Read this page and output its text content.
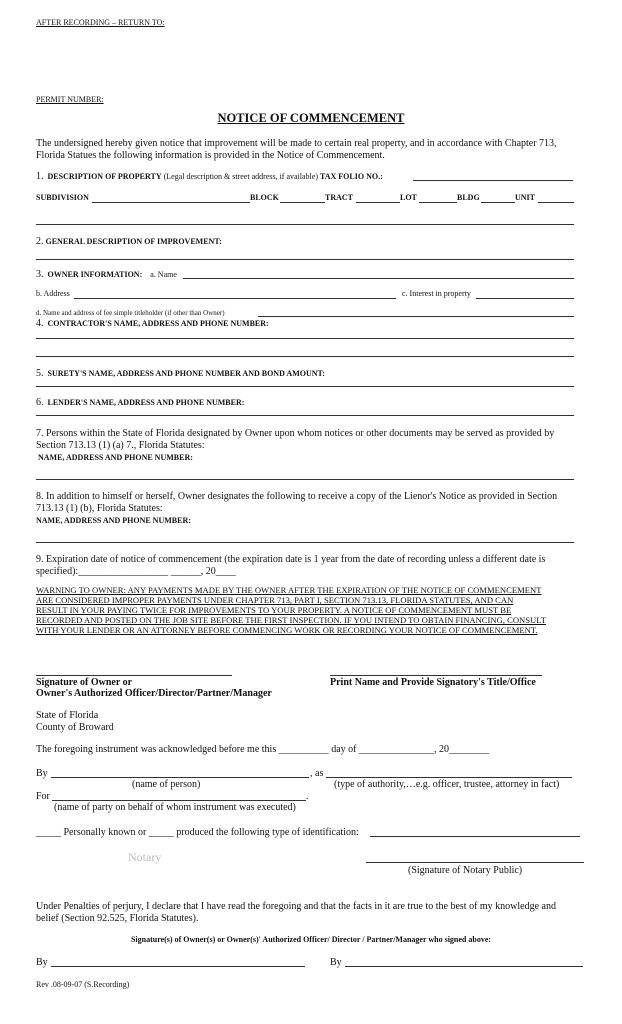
AFTER RECORDING – RETURN TO:
PERMIT NUMBER:
NOTICE OF COMMENCEMENT
The undersigned hereby given notice that improvement will be made to certain real property, and in accordance with Chapter 713,
Florida Statues the following information is provided in the Notice of Commencement.
1. DESCRIPTION OF PROPERTY (Legal description & street address, if available) TAX FOLIO NO.:
SUBDIVISION	BLOCK	TRACT	LOT	BLDG	UNIT
2. GENERAL DESCRIPTION OF IMPROVEMENT:
3. OWNER INFORMATION: a. Name
b. Address	c. Interest in property
d. Name and address of fee simple titleholder (if other than Owner)
4. CONTRACTOR'S NAME, ADDRESS AND PHONE NUMBER:
5. SURETY'S NAME, ADDRESS AND PHONE NUMBER AND BOND AMOUNT:
6. LENDER'S NAME, ADDRESS AND PHONE NUMBER:
7. Persons within the State of Florida designated by Owner upon whom notices or other documents may be served as provided by
Section 713.13 (1) (a) 7., Florida Statutes:
NAME, ADDRESS AND PHONE NUMBER:
8. In addition to himself or herself, Owner designates the following to receive a copy of the Lienor's Notice as provided in Section
713.13 (1) (b), Florida Statutes:
NAME, ADDRESS AND PHONE NUMBER:
9. Expiration date of notice of commencement (the expiration date is 1 year from the date of recording unless a different date is
specified):__________________ ______, 20____
WARNING TO OWNER: ANY PAYMENTS MADE BY THE OWNER AFTER THE EXPIRATION OF THE NOTICE OF COMMENCEMENT
ARE CONSIDERED IMPROPER PAYMENTS UNDER CHAPTER 713, PART I, SECTION 713.13, FLORIDA STATUTES, AND CAN
RESULT IN YOUR PAYING TWICE FOR IMPROVEMENTS TO YOUR PROPERTY. A NOTICE OF COMMENCEMENT MUST BE
RECORDED AND POSTED ON THE JOB SITE BEFORE THE FIRST INSPECTION. IF YOU INTEND TO OBTAIN FINANCING, CONSULT
WITH YOUR LENDER OR AN ATTORNEY BEFORE COMMENCING WORK OR RECORDING YOUR NOTICE OF COMMENCEMENT.
Signature of Owner or
Owner's Authorized Officer/Director/Partner/Manager
Print Name and Provide Signatory's Title/Office
State of Florida
County of Broward
The foregoing instrument was acknowledged before me this __________ day of _______________, 20________
By	, as
(name of person)	(type of authority,…e.g. officer, trustee, attorney in fact)
For	.
(name of party on behalf of whom instrument was executed)
_____ Personally known or _____ produced the following type of identification:
Notary
(Signature of Notary Public)
Under Penalties of perjury, I declare that I have read the foregoing and that the facts in it are true to the best of my knowledge and
belief (Section 92.525, Florida Statutes).
Signature(s) of Owner(s) or Owner(s)' Authorized Officer/ Director / Partner/Manager who signed above:
By	By
Rev .08-09-07 (S.Recording)
